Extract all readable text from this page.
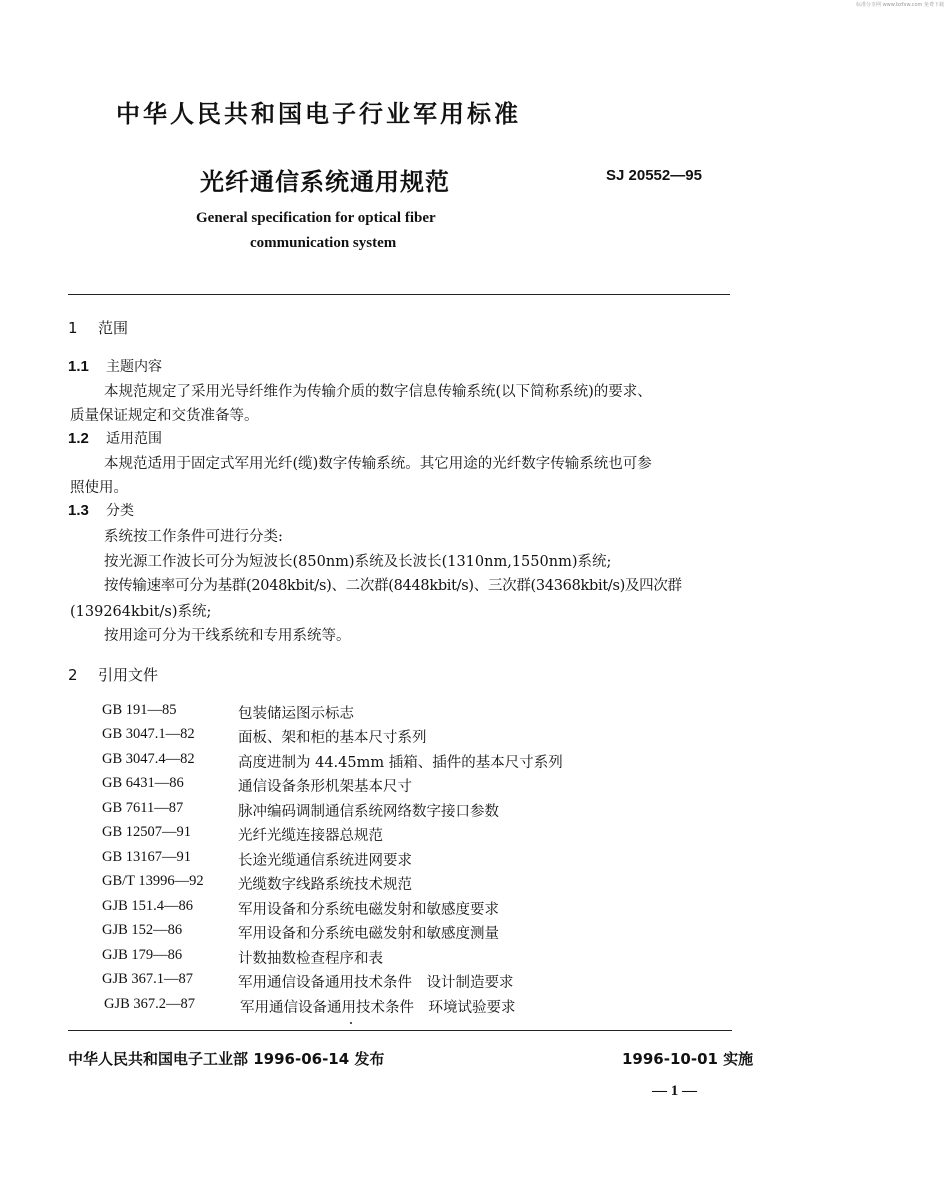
标准分享网 www.bzfxw.com 免费下载
中华人民共和国电子行业军用标准
光纤通信系统通用规范	SJ 20552—95
General specification for optical fiber
communication system
1 范围
1.1 主题内容
本规范规定了采用光导纤维作为传输介质的数字信息传输系统(以下简称系统)的要求、
质量保证规定和交货准备等。
1.2 适用范围
本规范适用于固定式军用光纤(缆)数字传输系统。其它用途的光纤数字传输系统也可参
照使用。
1.3 分类
系统按工作条件可进行分类:
按光源工作波长可分为短波长(850nm)系统及长波长(1310nm,1550nm)系统;
按传输速率可分为基群(2048kbit/s)、二次群(8448kbit/s)、三次群(34368kbit/s)及四次群
(139264kbit/s)系统;
按用途可分为干线系统和专用系统等。
2 引用文件
GB 191—85	包装储运图示标志
GB 3047.1—82	面板、架和柜的基本尺寸系列
GB 3047.4—82	高度进制为 44.45mm 插箱、插件的基本尺寸系列
GB 6431—86	通信设备条形机架基本尺寸
GB 7611—87	脉冲编码调制通信系统网络数字接口参数
GB 12507—91	光纤光缆连接器总规范
GB 13167—91	长途光缆通信系统进网要求
GB/T 13996—92 光缆数字线路系统技术规范
GJB 151.4—86	军用设备和分系统电磁发射和敏感度要求
GJB 152—86	军用设备和分系统电磁发射和敏感度测量
GJB 179—86	计数抽数检查程序和表
GJB 367.1—87	军用通信设备通用技术条件　设计制造要求
GJB 367.2—87	军用通信设备通用技术条件　环境试验要求
中华人民共和国电子工业部 1996-06-14 发布	1996-10-01 实施
— 1 —
